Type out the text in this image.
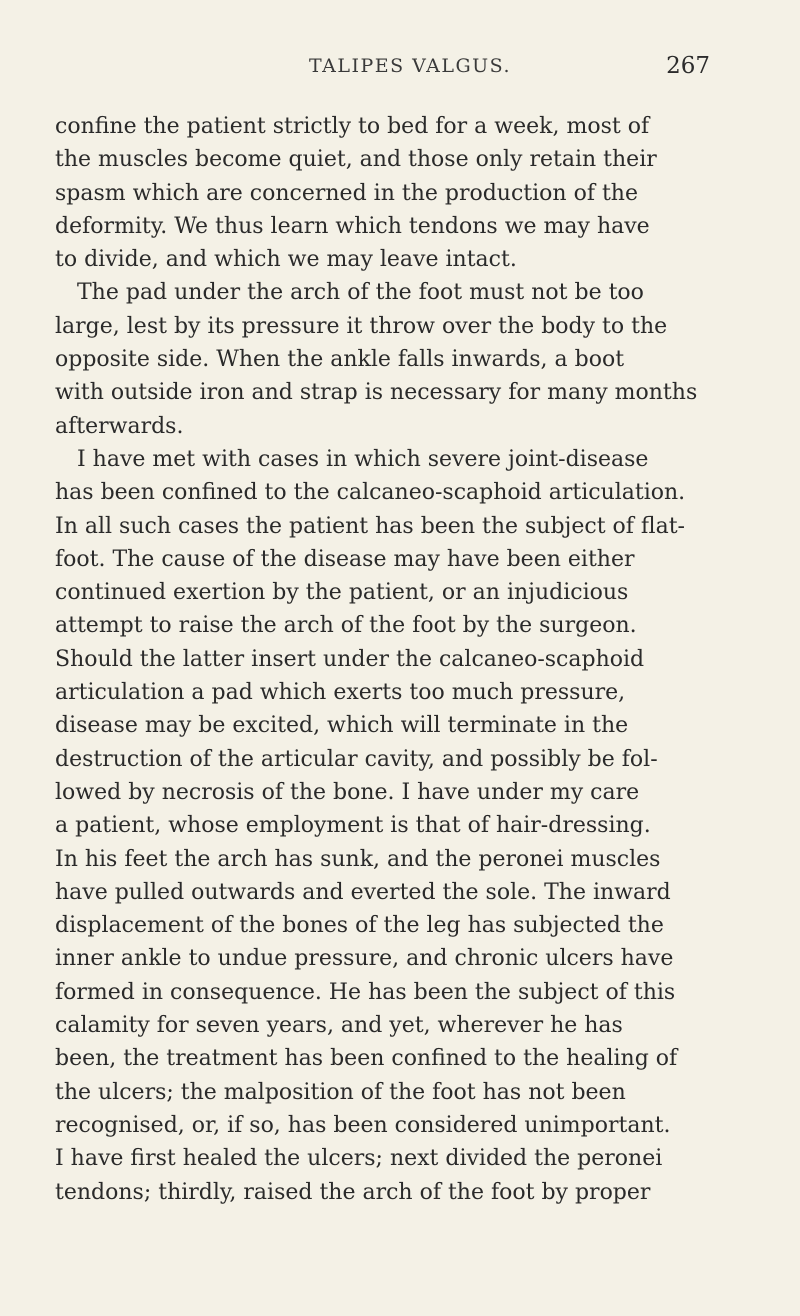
TALIPES VALGUS.	267
confine the patient strictly to bed for a week, most of
the muscles become quiet, and those only retain their
spasm which are concerned in the production of the
deformity. We thus learn which tendons we may have
to divide, and which we may leave intact.
The pad under the arch of the foot must not be too
large, lest by its pressure it throw over the body to the
opposite side. When the ankle falls inwards, a boot
with outside iron and strap is necessary for many months
afterwards.
I have met with cases in which severe joint-disease
has been confined to the calcaneo-scaphoid articulation.
In all such cases the patient has been the subject of flat-
foot. The cause of the disease may have been either
continued exertion by the patient, or an injudicious
attempt to raise the arch of the foot by the surgeon.
Should the latter insert under the calcaneo-scaphoid
articulation a pad which exerts too much pressure,
disease may be excited, which will terminate in the
destruction of the articular cavity, and possibly be fol-
lowed by necrosis of the bone. I have under my care
a patient, whose employment is that of hair-dressing.
In his feet the arch has sunk, and the peronei muscles
have pulled outwards and everted the sole. The inward
displacement of the bones of the leg has subjected the
inner ankle to undue pressure, and chronic ulcers have
formed in consequence. He has been the subject of this
calamity for seven years, and yet, wherever he has
been, the treatment has been confined to the healing of
the ulcers; the malposition of the foot has not been
recognised, or, if so, has been considered unimportant.
I have first healed the ulcers; next divided the peronei
tendons; thirdly, raised the arch of the foot by proper
